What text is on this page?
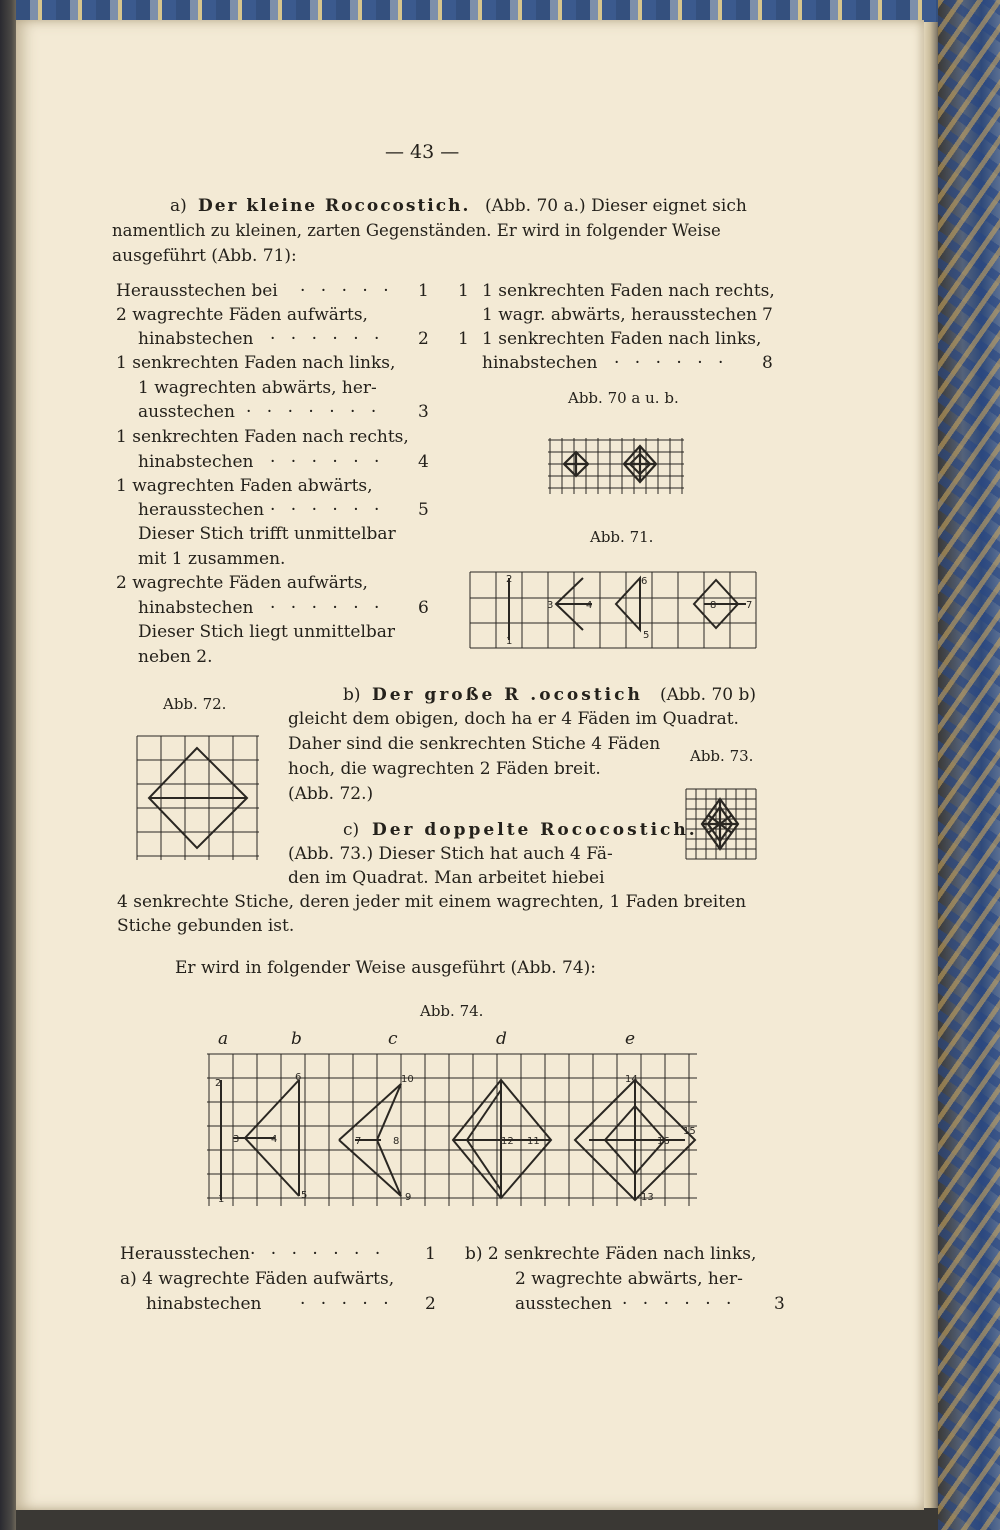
— 43 —
a) Der kleine Rococostich. (Abb. 70 a.) Dieser eignet sich
namentlich zu kleinen, zarten Gegenständen. Er wird in folgender Weise
ausgeführt (Abb. 71):
Herausstechen bei · · · · · 1
2 wagrechte Fäden aufwärts,
hinabstechen · · · · · · 2
1 senkrechten Faden nach links,
1 wagrechten abwärts, her-
ausstechen · · · · · · · 3
1 senkrechten Faden nach rechts,
hinabstechen · · · · · · 4
1 wagrechten Faden abwärts,
herausstechen · · · · · · 5
Dieser Stich trifft unmittelbar
mit 1 zusammen.
2 wagrechte Fäden aufwärts,
hinabstechen · · · · · · 6
Dieser Stich liegt unmittelbar
neben 2.
1 1 senkrechten Faden nach rechts,
1 wagr. abwärts, herausstechen 7
1 1 senkrechten Faden nach links,
hinabstechen · · · · · · 8
Abb. 70 a u. b.
Abb. 71.
2
1
3	4
6
5
8	7
Abb. 72.	b) Der große R .ocostich (Abb. 70 b)
gleicht dem obigen, doch ha er 4 Fäden im Quadrat.
Daher sind die senkrechten Stiche 4 Fäden
hoch, die wagrechten 2 Fäden breit.
(Abb. 72.)
Abb. 73.
c) Der doppelte Rococostich.
(Abb. 73.) Dieser Stich hat auch 4 Fä-
den im Quadrat. Man arbeitet hiebei
4 senkrechte Stiche, deren jeder mit einem wagrechten, 1 Faden breiten
Stiche gebunden ist.
Er wird in folgender Weise ausgeführt (Abb. 74):
Abb. 74.
a	b	c	d	e
2
1
3	4
6
5
10
7	8
9
12 11
14
16
15
13
Herausstechen · · · · · · · 1
a) 4 wagrechte Fäden aufwärts,
hinabstechen · · · · · 2
b) 2 senkrechte Fäden nach links,
2 wagrechte abwärts, her-
ausstechen · · · · · · 3
